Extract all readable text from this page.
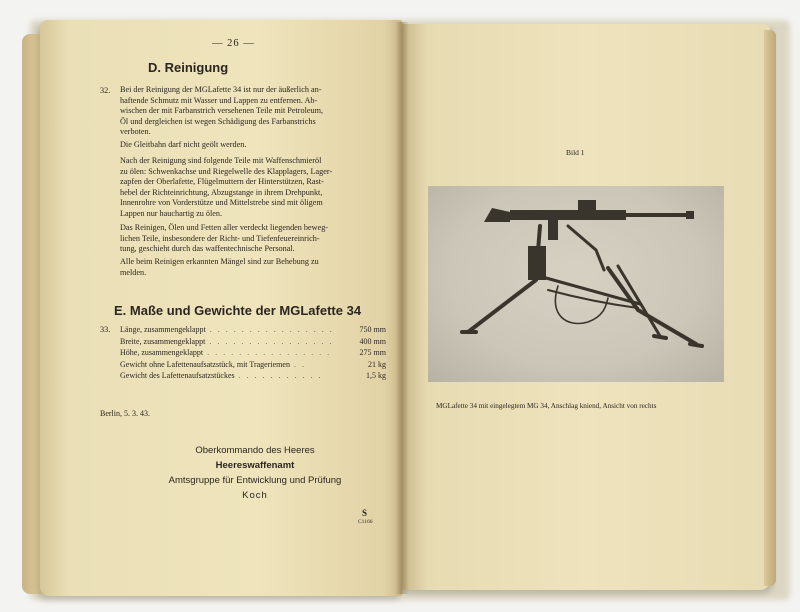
— 26 —
D. Reinigung
32. Bei der Reinigung der MGLafette 34 ist nur der äußerlich an-
haftende Schmutz mit Wasser und Lappen zu entfernen. Ab-
wischen der mit Farbanstrich versehenen Teile mit Petroleum,
Öl und dergleichen ist wegen Schädigung des Farbanstrichs
verboten.
Die Gleitbahn darf nicht geölt werden.
Nach der Reinigung sind folgende Teile mit Waffenschmieröl
zu ölen: Schwenkachse und Riegelwelle des Klapplagers, Lager-
zapfen der Oberlafette, Flügelmuttern der Hinterstützen, Rast-
hebel der Richteinrichtung, Abzugstange in ihrem Drehpunkt,
Innenrohre von Vorderstütze und Mittelstrebe sind mit öligem
Lappen nur hauchartig zu ölen.
Das Reinigen, Ölen und Fetten aller verdeckt liegenden beweg-
lichen Teile, insbesondere der Richt- und Tiefenfeuereinrich-
tung, geschieht durch das waffentechnische Personal.
Alle beim Reinigen erkannten Mängel sind zur Behebung zu
melden.
E. Maße und Gewichte der MGLafette 34
33. Länge, zusammengeklappt . . . . . . . . . . . . . . . .	750 mm
Breite, zusammengeklappt . . . . . . . . . . . . . . . .	400 mm
Höhe, zusammengeklappt . . . . . . . . . . . . . . . .	275 mm
Gewicht ohne Lafettenaufsatzstück, mit Trageriemen . .	21 kg
Gewicht des Lafettenaufsatzstückes . . . . . . . . . . .	1,5 kg
Berlin, 5. 3. 43.
Oberkommando des Heeres
Heereswaffenamt
Amtsgruppe für Entwicklung und Prüfung
Koch
S
C1166
Bild 1
MGLafette 34 mit eingelegtem MG 34, Anschlag kniend, Ansicht von rechts
